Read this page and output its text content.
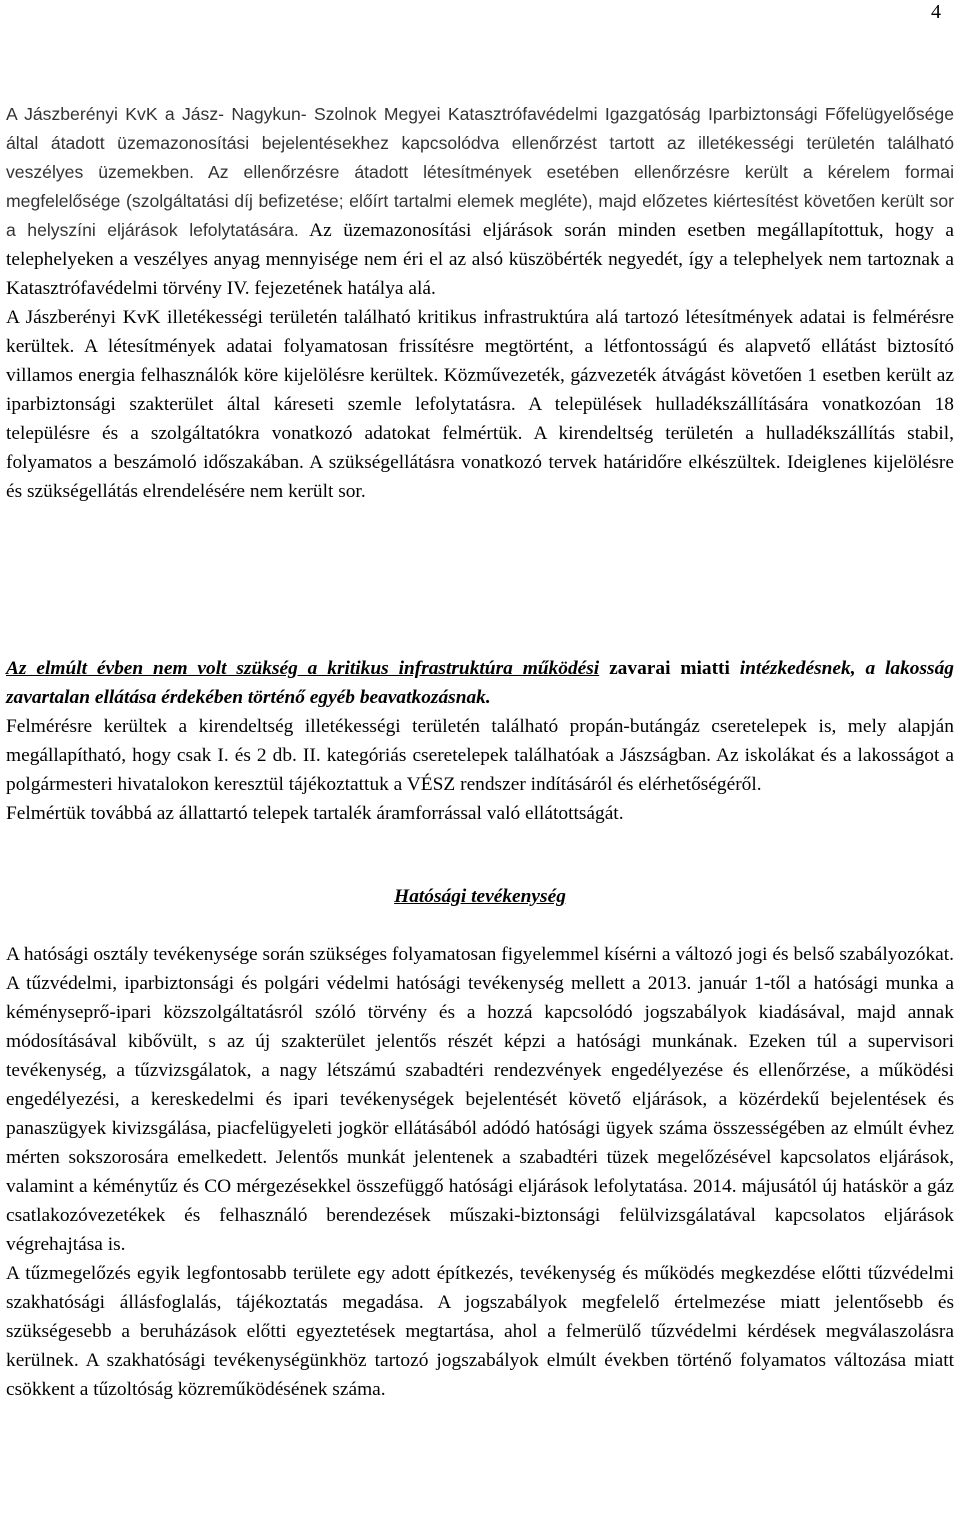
4

A Jászberényi KvK a Jász- Nagykun- Szolnok Megyei Katasztrófavédelmi Igazgatóság Iparbiztonsági Főfelügyelősége által átadott üzemazonosítási bejelentésekhez kapcsolódva ellenőrzést tartott az illetékességi területén található veszélyes üzemekben. Az ellenőrzésre átadott létesítmények esetében ellenőrzésre került a kérelem formai megfelelősége (szolgáltatási díj befizetése; előírt tartalmi elemek megléte), majd előzetes kiértesítést követően került sor a helyszíni eljárások lefolytatására. Az üzemazonosítási eljárások során minden esetben megállapítottuk, hogy a telephelyeken a veszélyes anyag mennyisége nem éri el az alsó küszöbérték negyedét, így a telephelyek nem tartoznak a Katasztrófavédelmi törvény IV. fejezetének hatálya alá.

A Jászberényi KvK illetékességi területén található kritikus infrastruktúra alá tartozó létesítmények adatai is felmérésre kerültek. A létesítmények adatai folyamatosan frissítésre megtörtént, a létfontosságú és alapvető ellátást biztosító villamos energia felhasználók köre kijelölésre kerültek. Közművezeték, gázvezeték átvágást követően 1 esetben került az iparbiztonsági szakterület által káreseti szemle lefolytatásra. A települések hulladékszállítására vonatkozóan 18 településre és a szolgáltatókra vonatkozó adatokat felmértük. A kirendeltség területén a hulladékszállítás stabil, folyamatos a beszámoló időszakában. A szükségellátásra vonatkozó tervek határidőre elkészültek. Ideiglenes kijelölésre és szükségellátás elrendelésére nem került sor.

Az elmúlt évben nem volt szükség a kritikus infrastruktúra működési zavarai miatti intézkedésnek, a lakosság zavartalan ellátása érdekében történő egyéb beavatkozásnak.

Felmérésre kerültek a kirendeltség illetékességi területén található propán-butángáz cseretelepek is, mely alapján megállapítható, hogy csak I. és 2 db. II. kategóriás cseretelepek találhatóak a Jászságban. Az iskolákat és a lakosságot a polgármesteri hivatalokon keresztül tájékoztattuk a VÉSZ rendszer indításáról és elérhetőségéről.

Felmértük továbbá az állattartó telepek tartalék áramforrással való ellátottságát.

Hatósági tevékenység

A hatósági osztály tevékenysége során szükséges folyamatosan figyelemmel kísérni a változó jogi és belső szabályozókat. A tűzvédelmi, iparbiztonsági és polgári védelmi hatósági tevékenység mellett a 2013. január 1-től a hatósági munka a kéményseprő-ipari közszolgáltatásról szóló törvény és a hozzá kapcsolódó jogszabályok kiadásával, majd annak módosításával kibővült, s az új szakterület jelentős részét képzi a hatósági munkának. Ezeken túl a supervisori tevékenység, a tűzvizsgálatok, a nagy létszámú szabadtéri rendezvények engedélyezése és ellenőrzése, a működési engedélyezési, a kereskedelmi és ipari tevékenységek bejelentését követő eljárások, a közérdekű bejelentések és panaszügyek kivizsgálása, piacfelügyeleti jogkör ellátásából adódó hatósági ügyek száma összességében az elmúlt évhez mérten sokszorosára emelkedett. Jelentős munkát jelentenek a szabadtéri tüzek megelőzésével kapcsolatos eljárások, valamint a kéménytűz és CO mérgezésekkel összefüggő hatósági eljárások lefolytatása. 2014. májusától új hatáskör a gáz csatlakozóvezetékek és felhasználó berendezések műszaki-biztonsági felülvizsgálatával kapcsolatos eljárások végrehajtása is.

A tűzmegelőzés egyik legfontosabb területe egy adott építkezés, tevékenység és működés megkezdése előtti tűzvédelmi szakhatósági állásfoglalás, tájékoztatás megadása. A jogszabályok megfelelő értelmezése miatt jelentősebb és szükségesebb a beruházások előtti egyeztetések megtartása, ahol a felmerülő tűzvédelmi kérdések megválaszolásra kerülnek. A szakhatósági tevékenységünkhöz tartozó jogszabályok elmúlt években történő folyamatos változása miatt csökkent a tűzoltóság közreműködésének száma.
